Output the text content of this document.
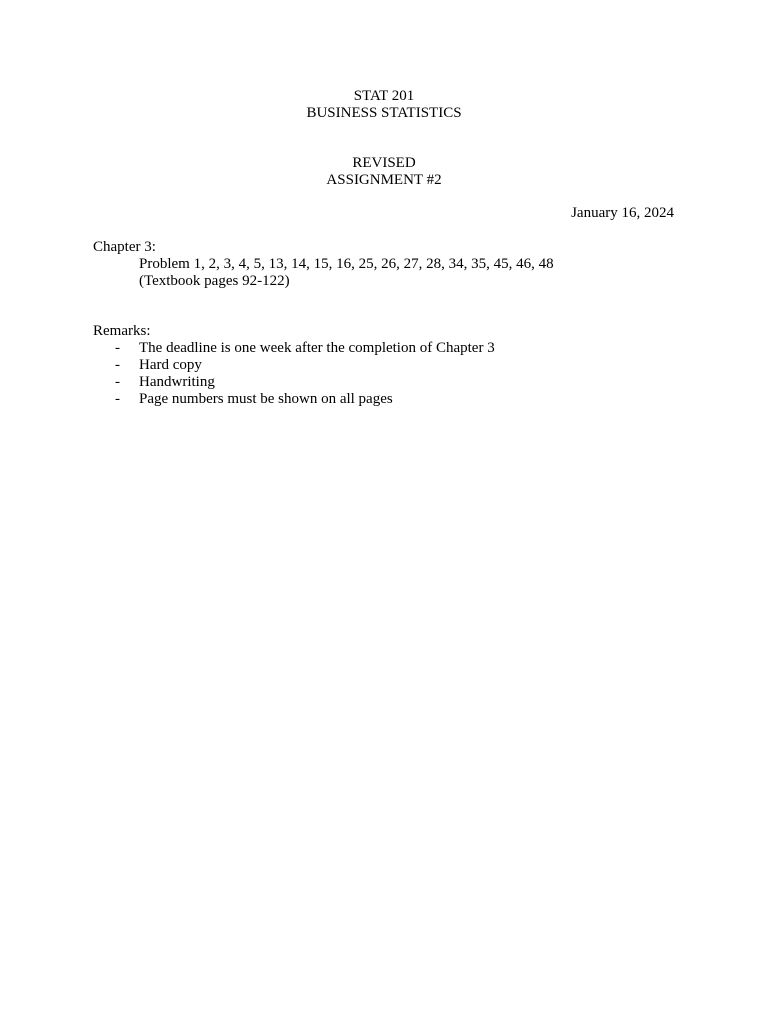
STAT 201
BUSINESS STATISTICS
REVISED
ASSIGNMENT #2
January 16, 2024
Chapter 3:
Problem 1, 2, 3, 4, 5, 13, 14, 15, 16, 25, 26, 27, 28, 34, 35, 45, 46, 48
(Textbook pages 92-122)
Remarks:
- The deadline is one week after the completion of Chapter 3
- Hard copy
- Handwriting
- Page numbers must be shown on all pages
